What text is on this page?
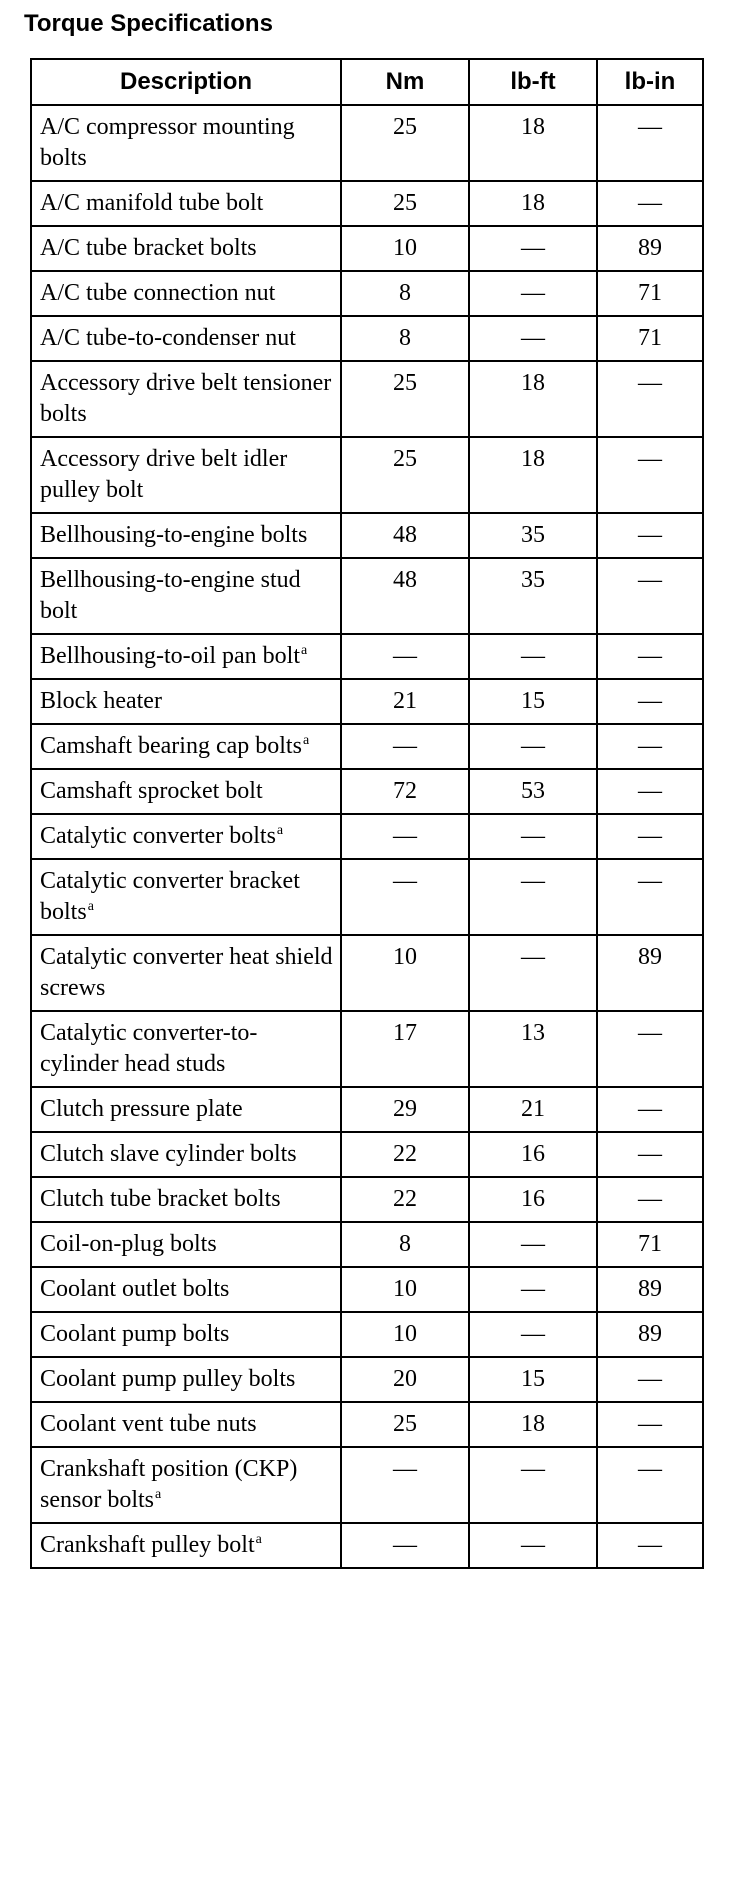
Torque Specifications
Description	Nm	lb-ft	lb-in
A/C compressor mounting bolts	25	18	—
A/C manifold tube bolt	25	18	—
A/C tube bracket bolts	10	—	89
A/C tube connection nut	8	—	71
A/C tube-to-condenser nut	8	—	71
Accessory drive belt tensioner bolts	25	18	—
Accessory drive belt idler pulley bolt	25	18	—
Bellhousing-to-engine bolts	48	35	—
Bellhousing-to-engine stud bolt	48	35	—
Bellhousing-to-oil pan bolt$^a$	—	—	—
Block heater	21	15	—
Camshaft bearing cap bolts$^a$	—	—	—
Camshaft sprocket bolt	72	53	—
Catalytic converter bolts$^a$	—	—	—
Catalytic converter bracket bolts$^a$	—	—	—
Catalytic converter heat shield screws	10	—	89
Catalytic converter-to-cylinder head studs	17	13	—
Clutch pressure plate	29	21	—
Clutch slave cylinder bolts	22	16	—
Clutch tube bracket bolts	22	16	—
Coil-on-plug bolts	8	—	71
Coolant outlet bolts	10	—	89
Coolant pump bolts	10	—	89
Coolant pump pulley bolts	20	15	—
Coolant vent tube nuts	25	18	—
Crankshaft position (CKP) sensor bolts$^a$	—	—	—
Crankshaft pulley bolt$^a$	—	—	—
